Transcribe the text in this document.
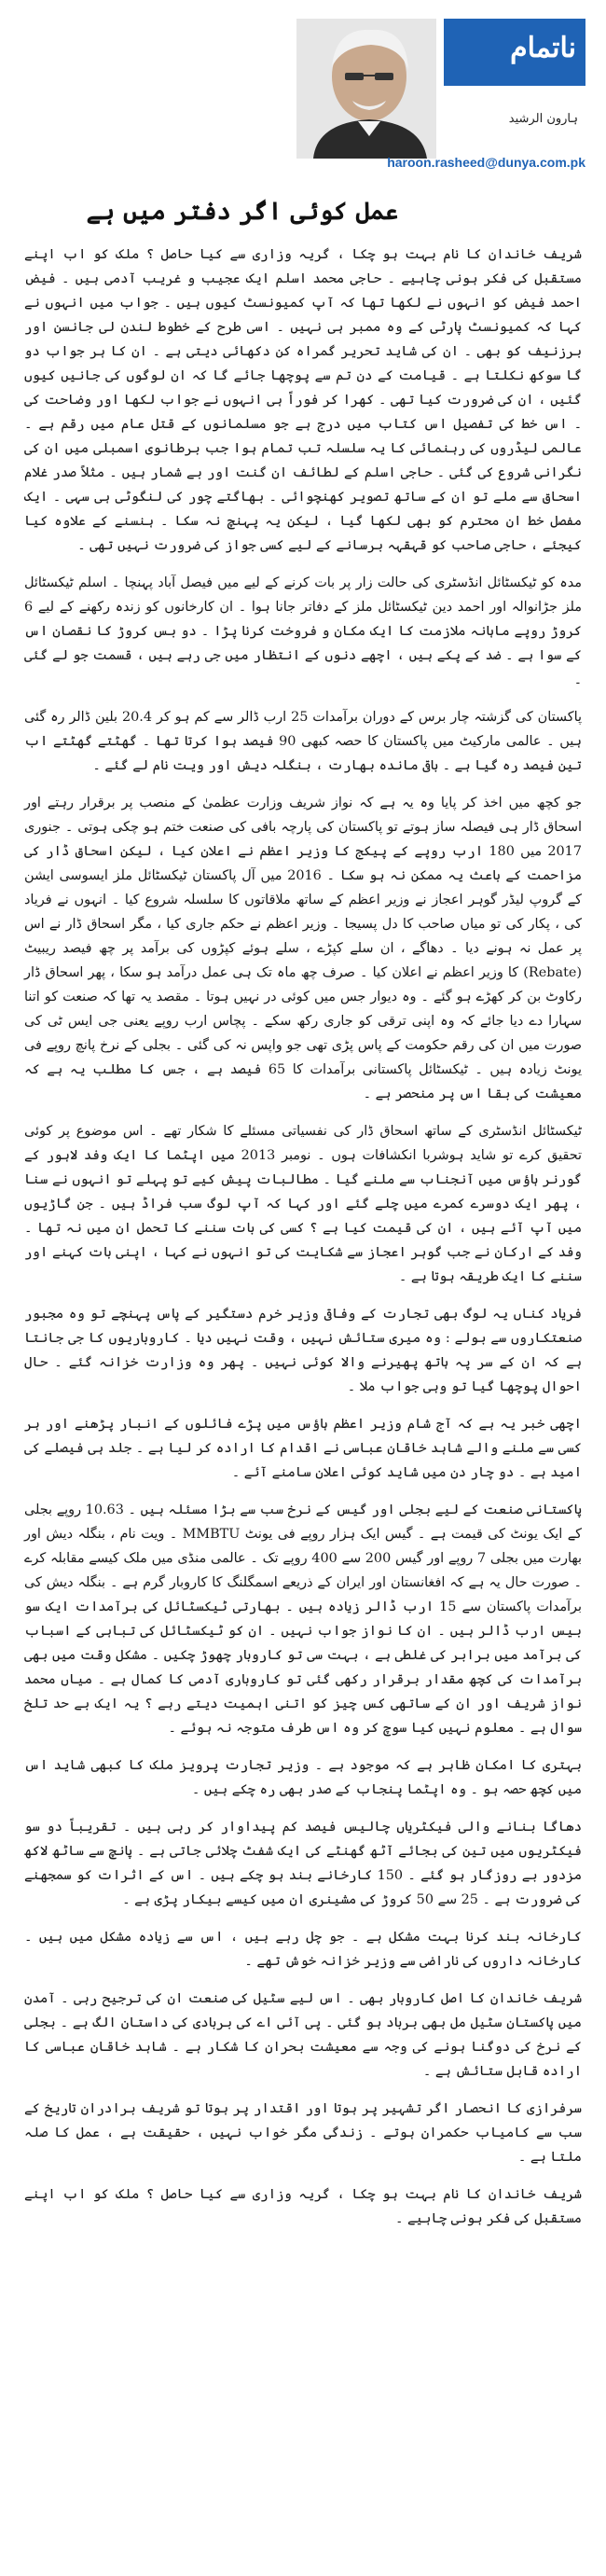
ناتمام
ہارون الرشید
haroon.rasheed@dunya.com.pk
عمل کوئی اگر دفتر میں ہے

شریف خاندان کا نام بہت ہو چکا ، گریہ وزاری سے کیا حاصل ؟ ملک کو اب اپنے مستقبل کی فکر ہونی چاہیے ۔ حاجی محمد اسلم ایک عجیب و غریب آدمی ہیں ۔ فیض احمد فیض کو انہوں نے لکھا تھا کہ آپ کمیونسٹ کیوں ہیں ۔ جواب میں انہوں نے کہا کہ کمیونسٹ پارٹی کے وہ ممبر ہی نہیں ۔ اسی طرح کے خطوط لندن لی جانسن اور برزنیف کو بھی ۔ ان کی شاید تحریر گمراہ کن دکھائی دیتی ہے ۔ ان کا ہر جواب دو گا سوکھ نکلتا ہے ۔ قیامت کے دن تم سے پوچھا جائے گا کہ ان لوگوں کی جانیں کیوں گئیں ، ان کی ضرورت کیا تھی ۔ کھرا کر فوراً ہی انہوں نے جواب لکھا اور وضاحت کی ۔ اس خط کی تفصیل اس کتاب میں درج ہے جو مسلمانوں کے قتل عام میں رقم ہے ۔ عالمی لیڈروں کی رہنمائی کا یہ سلسلہ تب تمام ہوا جب برطانوی اسمبلی میں ان کی نگرانی شروع کی گئی ۔ حاجی اسلم کے لطائف ان گنت اور بے شمار ہیں ۔ مثلاً صدر غلام اسحاق سے ملے تو ان کے ساتھ تصویر کھنچوائی ۔ بھاگتے چور کی لنگوٹی ہی سہی ۔ ایک مفصل خط ان محترم کو بھی لکھا گیا ، لیکن یہ پہنچ نہ سکا ۔ ہنسنے کے علاوہ کیا کیجئے ، حاجی صاحب کو قہقہہ برسانے کے لیے کسی جواز کی ضرورت نہیں تھی ۔

مدہ کو ٹیکسٹائل انڈسٹری کی حالت زار پر بات کرنے کے لیے میں فیصل آباد پہنچا ۔ اسلم ٹیکسٹائل ملز جڑانوالہ اور احمد دین ٹیکسٹائل ملز کے دفاتر جانا ہوا ۔ ان کارخانوں کو زندہ رکھنے کے لیے 6 کروڑ روپے ماہانہ ملازمت کا ایک مکان و فروخت کرنا پڑا ۔ دو بس کروڑ کا نقصان اس کے سوا ہے ۔ ضد کے پکے ہیں ، اچھے دنوں کے انتظار میں جی رہے ہیں ، قسمت جو لے گئی ۔

پاکستان کی گزشتہ چار برس کے دوران برآمدات 25 ارب ڈالر سے کم ہو کر 20.4 بلین ڈالر رہ گئی ہیں ۔ عالمی مارکیٹ میں پاکستان کا حصہ کبھی 90 فیصد ہوا کرتا تھا ۔ گھٹتے گھٹتے اب تین فیصد رہ گیا ہے ۔ باقی ماندہ بھارت ، بنگلہ دیش اور ویت نام لے گئے ۔

جو کچھ میں اخذ کر پایا وہ یہ ہے کہ نواز شریف وزارت عظمیٰ کے منصب پر برقرار رہتے اور اسحاق ڈار ہی فیصلہ ساز ہوتے تو پاکستان کی پارچہ بافی کی صنعت ختم ہو چکی ہوتی ۔ جنوری 2017 میں 180 ارب روپے کے پیکج کا وزیر اعظم نے اعلان کیا ، لیکن اسحاق ڈار کی مزاحمت کے باعث یہ ممکن نہ ہو سکا ۔ 2016 میں آل پاکستان ٹیکسٹائل ملز ایسوسی ایشن کے گروپ لیڈر گوہر اعجاز نے وزیر اعظم کے ساتھ ملاقاتوں کا سلسلہ شروع کیا ۔ انہوں نے فریاد کی ، پکار کی تو میاں صاحب کا دل پسیجا ۔ وزیر اعظم نے حکم جاری کیا ، مگر اسحاق ڈار نے اس پر عمل نہ ہونے دیا ۔ دھاگے ، ان سلے کپڑے ، سلے ہوئے کپڑوں کی برآمد پر چھ فیصد ریبیٹ (Rebate) کا وزیر اعظم نے اعلان کیا ۔ صرف چھ ماہ تک ہی عمل درآمد ہو سکا ، پھر اسحاق ڈار رکاوٹ بن کر کھڑے ہو گئے ۔ وہ دیوار جس میں کوئی در نہیں ہوتا ۔ مقصد یہ تھا کہ صنعت کو اتنا سہارا دے دیا جائے کہ وہ اپنی ترقی کو جاری رکھ سکے ۔ پچاس ارب روپے یعنی جی ایس ٹی کی صورت میں ان کی رقم حکومت کے پاس پڑی تھی جو واپس نہ کی گئی ۔ بجلی کے نرخ پانچ روپے فی یونٹ زیادہ ہیں ۔ ٹیکسٹائل پاکستانی برآمدات کا 65 فیصد ہے ، جس کا مطلب یہ ہے کہ معیشت کی بقا اس پر منحصر ہے ۔

ٹیکسٹائل انڈسٹری کے ساتھ اسحاق ڈار کی نفسیاتی مسئلے کا شکار تھے ۔ اس موضوع پر کوئی تحقیق کرے تو شاید ہوشربا انکشافات ہوں ۔ نومبر 2013 میں اپٹما کا ایک وفد لاہور کے گورنر ہاؤس میں آنجناب سے ملنے گیا ۔ مطالبات پیش کیے تو پہلے تو انہوں نے سنا ، پھر ایک دوسرے کمرے میں چلے گئے اور کہا کہ آپ لوگ سب فراڈ ہیں ۔ جن گاڑیوں میں آپ آئے ہیں ، ان کی قیمت کیا ہے ؟ کسی کی بات سننے کا تحمل ان میں نہ تھا ۔ وفد کے ارکان نے جب گوہر اعجاز سے شکایت کی تو انہوں نے کہا ، اپنی بات کہنے اور سننے کا ایک طریقہ ہوتا ہے ۔

فریاد کناں یہ لوگ بھی تجارت کے وفاقی وزیر خرم دستگیر کے پاس پہنچے تو وہ مجبور صنعتکاروں سے بولے : وہ میری ستائش نہیں ، وقت نہیں دیا ۔ کاروباریوں کا جی جانتا ہے کہ ان کے سر پہ ہاتھ پھیرنے والا کوئی نہیں ۔ پھر وہ وزارت خزانہ گئے ۔ حال احوال پوچھا گیا تو وہی جواب ملا ۔

اچھی خبر یہ ہے کہ آج شام وزیر اعظم ہاؤس میں پڑے فائلوں کے انبار پڑھنے اور ہر کسی سے ملنے والے شاہد خاقان عباسی نے اقدام کا ارادہ کر لیا ہے ۔ جلد ہی فیصلے کی امید ہے ۔ دو چار دن میں شاید کوئی اعلان سامنے آئے ۔

پاکستانی صنعت کے لیے بجلی اور گیس کے نرخ سب سے بڑا مسئلہ ہیں ۔ 10.63 روپے بجلی کے ایک یونٹ کی قیمت ہے ۔ گیس ایک ہزار روپے فی یونٹ MMBTU ۔ ویت نام ، بنگلہ دیش اور بھارت میں بجلی 7 روپے اور گیس 200 سے 400 روپے تک ۔ عالمی منڈی میں ملک کیسے مقابلہ کرے ۔ صورت حال یہ ہے کہ افغانستان اور ایران کے ذریعے اسمگلنگ کا کاروبار گرم ہے ۔ بنگلہ دیش کی برآمدات پاکستان سے 15 ارب ڈالر زیادہ ہیں ۔ بھارتی ٹیکسٹائل کی برآمدات ایک سو بیس ارب ڈالر ہیں ۔ ان کا نواز جواب نہیں ۔ ان کو ٹیکسٹائل کی تباہی کے اسباب کی برآمد میں برابر کی غلطی ہے ، بہت سی تو کاروبار چھوڑ چکیں ۔ مشکل وقت میں بھی برآمدات کی کچھ مقدار برقرار رکھی گئی تو کاروباری آدمی کا کمال ہے ۔ میاں محمد نواز شریف اور ان کے ساتھی کس چیز کو اتنی اہمیت دیتے رہے ؟ یہ ایک بے حد تلخ سوال ہے ۔ معلوم نہیں کیا سوچ کر وہ اس طرف متوجہ نہ ہوئے ۔

بہتری کا امکان ظاہر ہے کہ موجود ہے ۔ وزیر تجارت پرویز ملک کا کبھی شاید اس میں کچھ حصہ ہو ۔ وہ اپٹما پنجاب کے صدر بھی رہ چکے ہیں ۔

دھاگا بنانے والی فیکٹریاں چالیس فیصد کم پیداوار کر رہی ہیں ۔ تقریباً دو سو فیکٹریوں میں تین کی بجائے آٹھ گھنٹے کی ایک شفٹ چلائی جاتی ہے ۔ پانچ سے ساٹھ لاکھ مزدور بے روزگار ہو گئے ۔ 150 کارخانے بند ہو چکے ہیں ۔ اس کے اثرات کو سمجھنے کی ضرورت ہے ۔ 25 سے 50 کروڑ کی مشینری ان میں کیسے بیکار پڑی ہے ۔

کارخانہ بند کرنا بہت مشکل ہے ۔ جو چل رہے ہیں ، اس سے زیادہ مشکل میں ہیں ۔ کارخانہ داروں کی ناراضی سے وزیر خزانہ خوش تھے ۔

شریف خاندان کا اصل کاروبار بھی ۔ اس لیے سٹیل کی صنعت ان کی ترجیح رہی ۔ آمدن میں پاکستان سٹیل مل بھی برباد ہو گئی ۔ پی آئی اے کی بربادی کی داستان الگ ہے ۔ بجلی کے نرخ کی دوگنا ہونے کی وجہ سے معیشت بحران کا شکار ہے ۔ شاہد خاقان عباسی کا ارادہ قابل ستائش ہے ۔

سرفرازی کا انحصار اگر تشہیر پر ہوتا اور اقتدار پر ہوتا تو شریف برادران تاریخ کے سب سے کامیاب حکمران ہوتے ۔ زندگی مگر خواب نہیں ، حقیقت ہے ، عمل کا صلہ ملتا ہے ۔

شریف خاندان کا نام بہت ہو چکا ، گریہ وزاری سے کیا حاصل ؟ ملک کو اب اپنے مستقبل کی فکر ہونی چاہیے ۔
